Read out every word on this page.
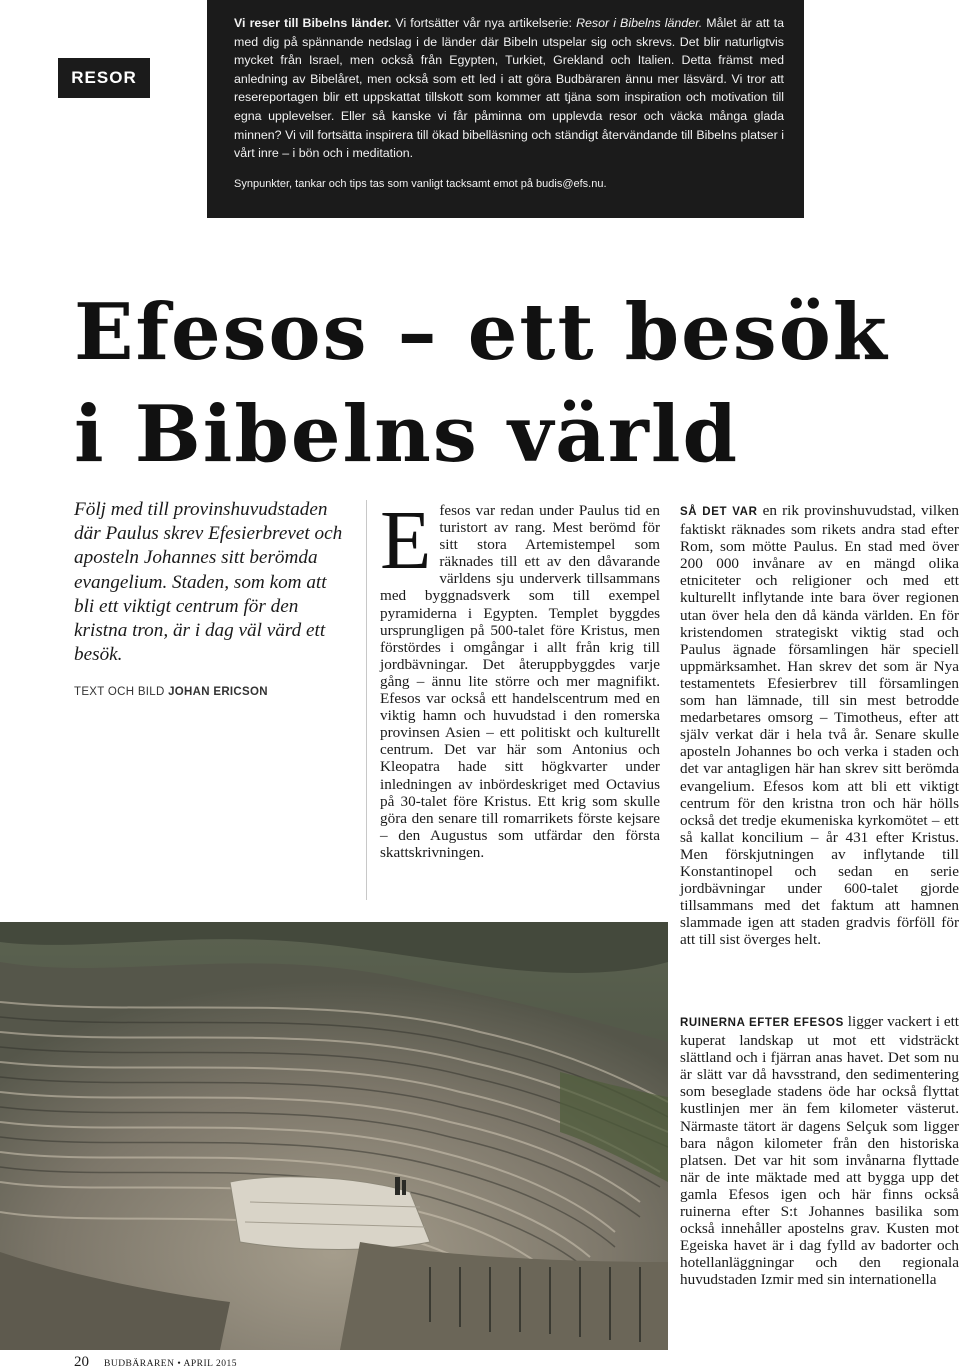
RESOR

Vi reser till Bibelns länder. Vi fortsätter vår nya artikelserie: Resor i Bibelns länder. Målet är att ta med dig på spännande nedslag i de länder där Bibeln utspelar sig och skrevs. Det blir naturligtvis mycket från Israel, men också från Egypten, Turkiet, Grekland och Italien. Detta främst med anledning av Bibelåret, men också som ett led i att göra Budbäraren ännu mer läsvärd. Vi tror att resereportagen blir ett uppskattat tillskott som kommer att tjäna som inspiration och motivation till egna upplevelser. Eller så kanske vi får påminna om upplevda resor och väcka många glada minnen? Vi vill fortsätta inspirera till ökad bibelläsning och ständigt återvändande till Bibelns platser i vårt inre – i bön och i meditation.

Synpunkter, tankar och tips tas som vanligt tacksamt emot på budis@efs.nu.

Efesos – ett besök i Bibelns värld
Följ med till provinshuvudstaden där Paulus skrev Efesierbrevet och aposteln Johannes sitt berömda evangelium. Staden, som kom att bli ett viktigt centrum för den kristna tron, är i dag väl värd ett besök.
TEXT OCH BILD JOHAN ERICSON

Efesos var redan under Paulus tid en turistort av rang. Mest berömd för sitt stora Artemistempel som räknades till ett av den dåvarande världens sju underverk tillsammans med byggnadsverk som till exempel pyramiderna i Egypten. Templet byggdes ursprungligen på 500-talet före Kristus, men förstördes i omgångar i allt från krig till jordbävningar. Det återuppbyggdes varje gång – ännu lite större och mer magnifikt. Efesos var också ett handelscentrum med en viktig hamn och huvudstad i den romerska provinsen Asien – ett politiskt och kulturellt centrum. Det var här som Antonius och Kleopatra hade sitt högkvarter under inledningen av inbördeskriget med Octavius på 30-talet före Kristus. Ett krig som skulle göra den senare till romarrikets förste kejsare – den Augustus som utfärdar den första skattskrivningen.

SÅ DET VAR en rik provinshuvudstad, vilken faktiskt räknades som rikets andra stad efter Rom, som mötte Paulus. En stad med över 200 000 invånare av en mängd olika etniciteter och religioner och med ett kulturellt inflytande inte bara över regionen utan över hela den då kända världen. En för kristendomen strategiskt viktig stad och Paulus ägnade församlingen här speciell uppmärksamhet. Han skrev det som är Nya testamentets Efesierbrev till församlingen som han lämnade, till sin mest betrodde medarbetares omsorg – Timotheus, efter att själv verkat där i hela två år. Senare skulle aposteln Johannes bo och verka i staden och det var antagligen här han skrev sitt berömda evangelium. Efesos kom att bli ett viktigt centrum för den kristna tron och här hölls också det tredje ekumeniska kyrkomötet – ett så kallat koncilium – år 431 efter Kristus. Men förskjutningen av inflytande till Konstantinopel och sedan en serie jordbävningar under 600-talet gjorde tillsammans med det faktum att hamnen slammade igen att staden gradvis förföll för att till sist överges helt.

RUINERNA EFTER EFESOS ligger vackert i ett kuperat landskap ut mot ett vidsträckt slättland och i fjärran anas havet. Det som nu är slätt var då havsstrand, den sedimentering som beseglade stadens öde har också flyttat kustlinjen mer än fem kilometer västerut. Närmaste tätort är dagens Selçuk som ligger bara någon kilometer från den historiska platsen. Det var hit som invånarna flyttade när de inte mäktade med att bygga upp det gamla Efesos igen och här finns också ruinerna efter S:t Johannes basilika som också innehåller apostelns grav. Kusten mot Egeiska havet är i dag fylld av badorter och hotellanläggningar och den regionala huvudstaden Izmir med sin internationella

20 BUDBÄRAREN • APRIL 2015
